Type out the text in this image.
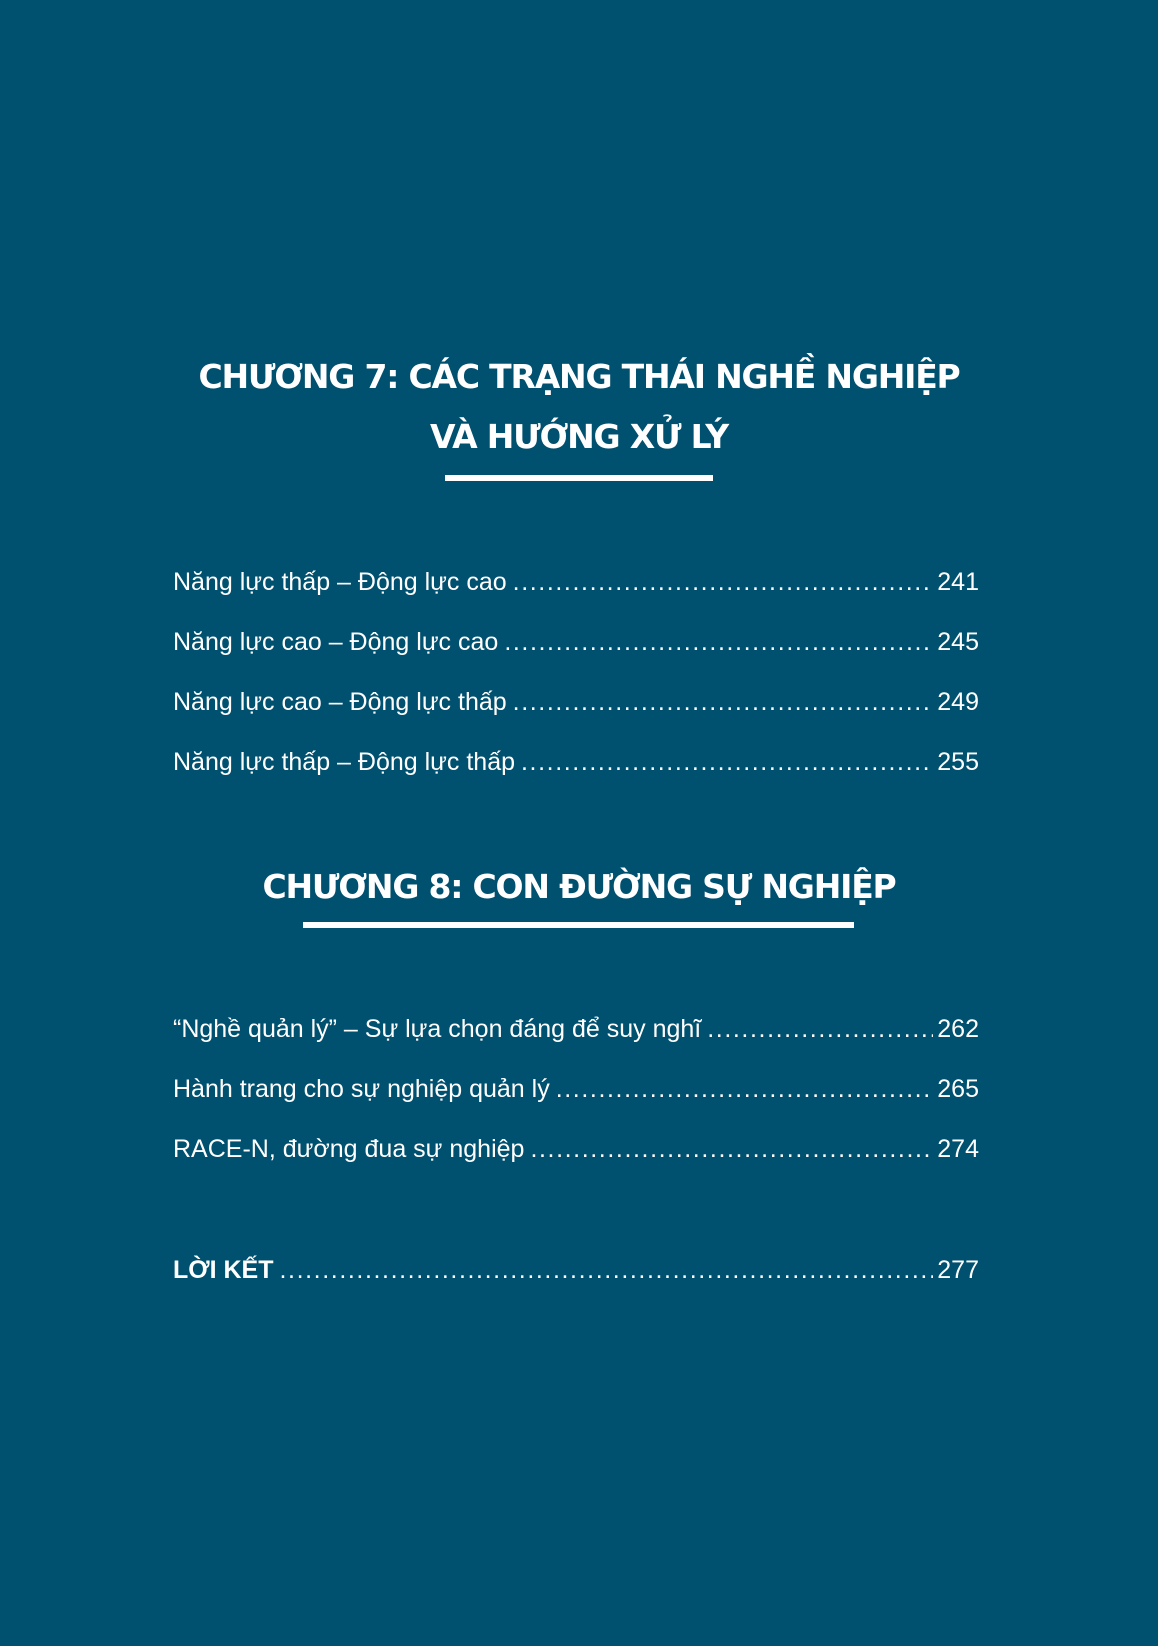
CHƯƠNG 7: CÁC TRẠNG THÁI NGHỀ NGHIỆP
VÀ HƯỚNG XỬ LÝ
Năng lực thấp – Động lực cao .....	241
Năng lực cao – Động lực cao .....	245
Năng lực cao – Động lực thấp .....	249
Năng lực thấp – Động lực thấp .....	255
CHƯƠNG 8: CON ĐƯỜNG SỰ NGHIỆP
“Nghề quản lý” – Sự lựa chọn đáng để suy nghĩ .....	262
Hành trang cho sự nghiệp quản lý .....	265
RACE-N, đường đua sự nghiệp .....	274
LỜI KẾT .....	277
